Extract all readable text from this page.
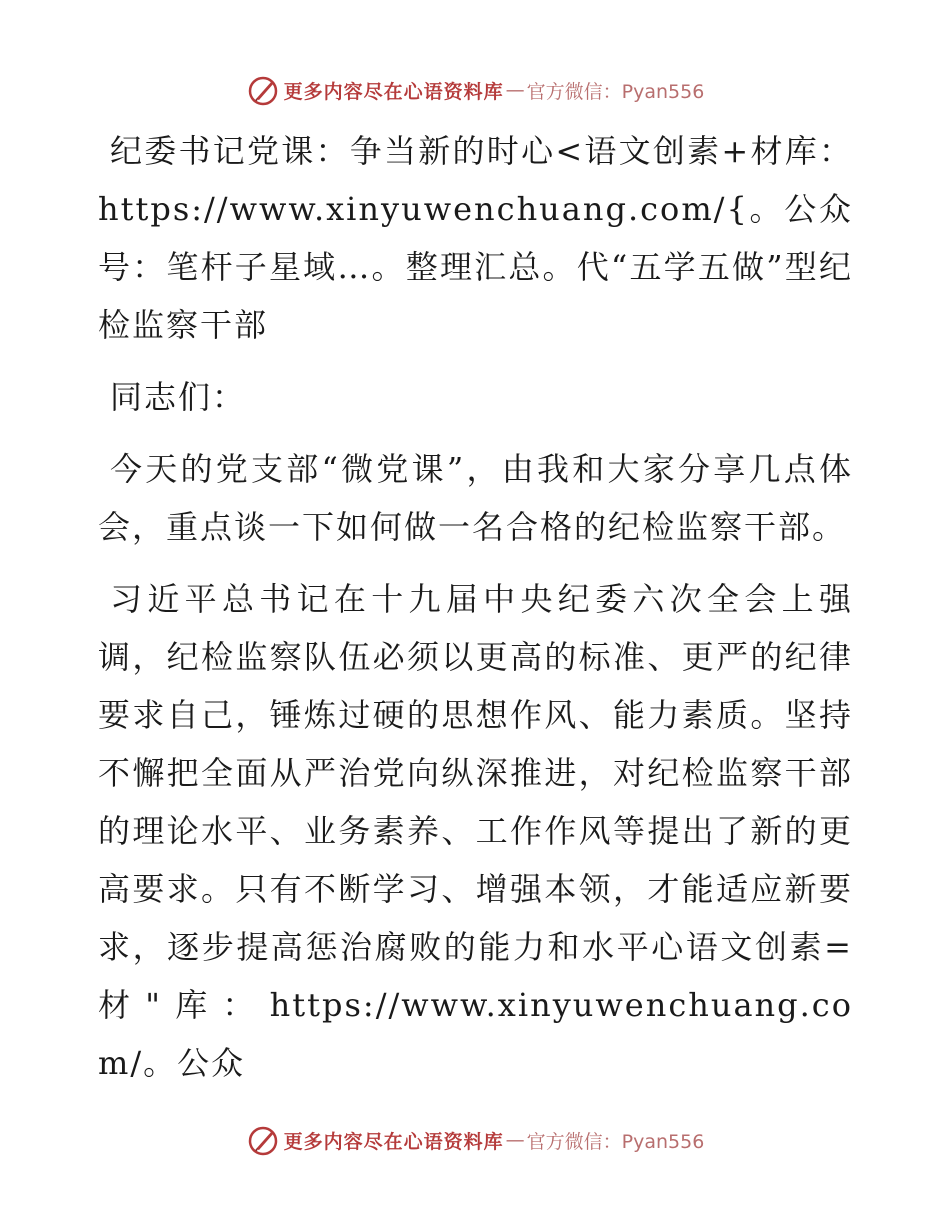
更多内容尽在心语资料库 — 官方微信：Pyan556

纪委书记党课：争当新的时心<语文创素+材库：https://www.xinyuwenchuang.com/{。公众号：笔杆子星域…。整理汇总。代“五学五做”型纪检监察干部

同志们：

今天的党支部“微党课”，由我和大家分享几点体会，重点谈一下如何做一名合格的纪检监察干部。

习近平总书记在十九届中央纪委六次全会上强调，纪检监察队伍必须以更高的标准、更严的纪律要求自己，锤炼过硬的思想作风、能力素质。坚持不懈把全面从严治党向纵深推进，对纪检监察干部的理论水平、业务素养、工作作风等提出了新的更高要求。只有不断学习、增强本领，才能适应新要求，逐步提高惩治腐败的能力和水平心语文创素=材"库：https://www.xinyuwenchuang.com/。公众

更多内容尽在心语资料库 — 官方微信：Pyan556
